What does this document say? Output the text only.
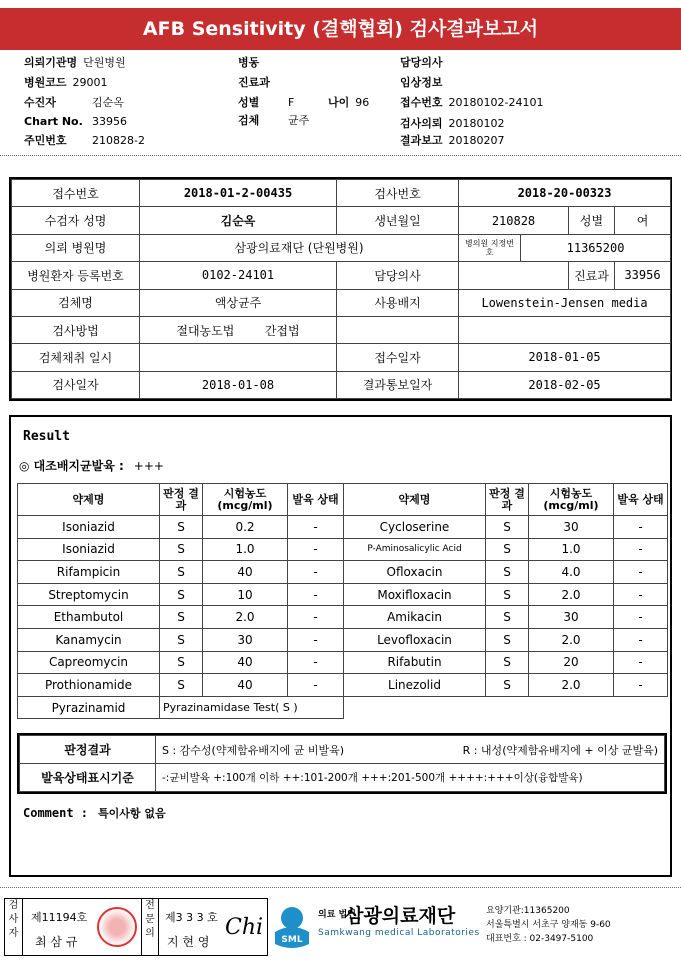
AFB Sensitivity (결핵협회) 검사결과보고서
의뢰기관명 단원병원
병원코드 29001
수진자	김순옥
Chart No. 33956
주민번호 210828-2
병동
진료과
성별	F	나이 96
검체	균주
담당의사
임상정보
접수번호 20180102-24101
검사의뢰 20180102
결과보고 20180207
접수번호	2018-01-2-00435	검사번호	2018-20-00323			
수검자 성명	김순옥	생년월일	210828		성별	여
의뢰 병원명	삼광의료재단 (단원병원)		병의원 지정번호	11365200		
병원환자 등록번호	0102-24101	담당의사			진료과	33956
검체명	액상균주	사용배지	Lowenstein-Jensen media			
검사방법	절대농도법 간접법					
검체채취 일시		접수일자	2018-01-05			
검사일자	2018-01-08	결과통보일자	2018-02-05			
Result
◎ 대조배지균발육 : +++
약제명	판정 결과	시험농도 (mcg/ml)	발육 상태	약제명	판정 결과	시험농도 (mcg/ml)	발육 상태
Isoniazid	S	0.2	-	Cycloserine	S	30	-
Isoniazid	S	1.0	-	P-Aminosalicylic Acid	S	1.0	-
Rifampicin	S	40	-	Ofloxacin	S	4.0	-
Streptomycin	S	10	-	Moxifloxacin	S	2.0	-
Ethambutol	S	2.0	-	Amikacin	S	30	-
Kanamycin	S	30	-	Levofloxacin	S	2.0	-
Capreomycin	S	40	-	Rifabutin	S	20	-
Prothionamide	S	40	-	Linezolid	S	2.0	-
Pyrazinamid	Pyrazinamidase Test( S )						
판정결과	S : 감수성(약제함유배지에 균 비발육)	R : 내성(약제함유배지에 + 이상 균발육)
발육상태표시기준	-:균비발육 +:100개 이하 ++:101-200개 +++:201-500개 ++++:+++이상(융합발육)	
Comment : 특이사항 없음
검사자
제11194호
최 삼 규
전문의
제3 3 3 호
지 현 영
Chi SML
의료 법인 삼광의료재단
Samkwang medical Laboratories
요양기관:11365200
서울특별시 서초구 양재동 9-60
대표번호 : 02-3497-5100
